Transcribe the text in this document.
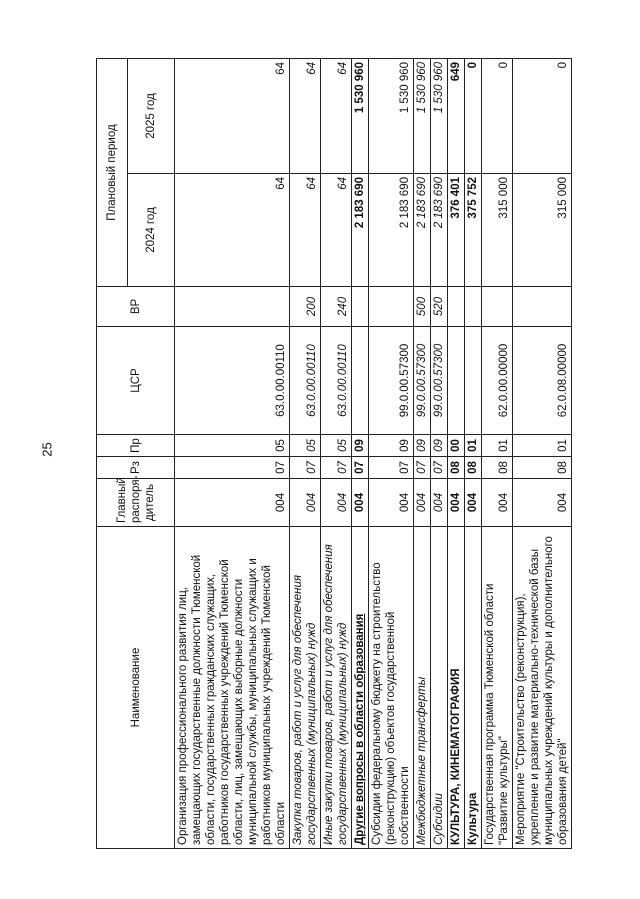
25
Наименование	Главный распоря-дитель	Рз	Пр	ЦСР	ВР	Плановый период	
						2024 год	2025 год
Организация профессионального развития лиц, замещающих государственные должности Тюменской области, государственных гражданских служащих, работников государственных учреждений Тюменской области, лиц, замещающих выборные должности муниципальной службы, муниципальных служащих и работников муниципальных учреждений Тюменской области	004	07	05	63.0.00.00110		64	64
Закупка товаров, работ и услуг для обеспечения государственных (муниципальных) нужд	004	07	05	63.0.00.00110	200	64	64
Иные закупки товаров, работ и услуг для обеспечения государственных (муниципальных) нужд	004	07	05	63.0.00.00110	240	64	64
Другие вопросы в области образования	004	07	09			2 183 690	1 530 960
Субсидии федеральному бюджету на строительство (реконструкцию) объектов государственной собственности	004	07	09	99.0.00.57300		2 183 690	1 530 960
Межбюджетные трансферты	004	07	09	99.0.00.57300	500	2 183 690	1 530 960
Субсидии	004	07	09	99.0.00.57300	520	2 183 690	1 530 960
КУЛЬТУРА, КИНЕМАТОГРАФИЯ	004	08	00			376 401	649
Культура	004	08	01			375 752	0
Государственная программа Тюменской области "Развитие культуры"	004	08	01	62.0.00.00000		315 000	0
Мероприятие "Строительство (реконструкция), укрепление и развитие материально-технической базы муниципальных учреждений культуры и дополнительного образования детей"	004	08	01	62.0.08.00000		315 000	0
